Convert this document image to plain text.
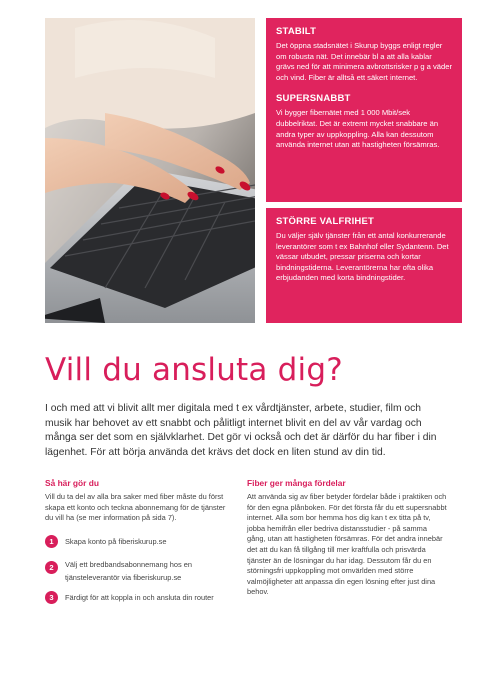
STABILT

Det öppna stadsnätet i Skurup byggs enligt regler om robusta nät. Det innebär bl a att alla kablar grävs ned för att minimera avbrottsrisker p g a väder och vind. Fiber är alltså ett säkert internet.

SUPERSNABBT

Vi bygger fibernätet med 1 000 Mbit/sek dubbelriktat. Det är extremt mycket snabbare än andra typer av uppkoppling. Alla kan dessutom använda internet utan att hastigheten försämras.

STÖRRE VALFRIHET

Du väljer själv tjänster från ett antal konkurrerande leverantörer som t ex Bahnhof eller Sydantenn. Det vässar utbudet, pressar priserna och kortar bindningstiderna. Leverantörerna har ofta olika erbjudanden med korta bindningstider.

Vill du ansluta dig?

I och med att vi blivit allt mer digitala med t ex vårdtjänster, arbete, studier, film och musik har behovet av ett snabbt och pålitligt internet blivit en del av vår vardag och många ser det som en självklarhet. Det gör vi också och det är därför du har fiber i din lägenhet. För att börja använda det krävs det dock en liten stund av din tid.

Så här gör du

Vill du ta del av alla bra saker med fiber måste du först skapa ett konto och teckna abonnemang för de tjänster du vill ha (se mer information på sida 7).

1	Skapa konto på fiberiskurup.se
2	Välj ett bredbandsabonnemang hos en tjänsteleverantör via fiberiskurup.se
3	Färdigt för att koppla in och ansluta din router
Fiber ger många fördelar

Att använda sig av fiber betyder fördelar både i praktiken och för den egna plånboken. För det första får du ett supersnabbt internet. Alla som bor hemma hos dig kan t ex titta på tv, jobba hemifrån eller bedriva distansstudier - på samma gång, utan att hastigheten försämras. För det andra innebär det att du kan få tillgång till mer kraftfulla och prisvärda tjänster än de lösningar du har idag. Dessutom får du en störningsfri uppkoppling mot omvärlden med större valmöjligheter att anpassa din egen lösning efter just dina behov.
